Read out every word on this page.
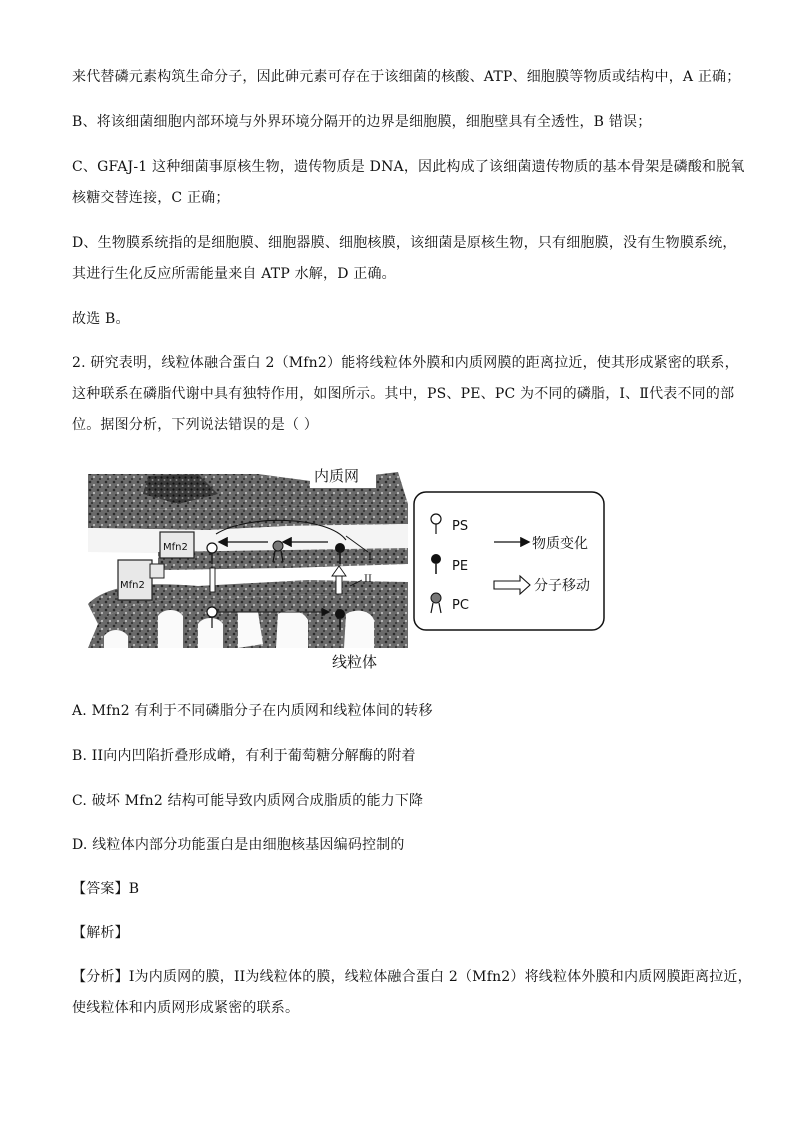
来代替磷元素构筑生命分子，因此砷元素可存在于该细菌的核酸、ATP、细胞膜等物质或结构中，A 正确；
B、将该细菌细胞内部环境与外界环境分隔开的边界是细胞膜，细胞壁具有全透性，B 错误；
C、GFAJ-1 这种细菌事原核生物，遗传物质是 DNA，因此构成了该细菌遗传物质的基本骨架是磷酸和脱氧
核糖交替连接，C 正确；
D、生物膜系统指的是细胞膜、细胞器膜、细胞核膜，该细菌是原核生物，只有细胞膜，没有生物膜系统，
其进行生化反应所需能量来自 ATP 水解，D 正确。
故选 B。
2. 研究表明，线粒体融合蛋白 2（Mfn2）能将线粒体外膜和内质网膜的距离拉近，使其形成紧密的联系，
这种联系在磷脂代谢中具有独特作用，如图所示。其中，PS、PE、PC 为不同的磷脂，Ⅰ、Ⅱ代表不同的部
位。据图分析，下列说法错误的是（ ）
Mfn2
Mfn2
I
II
内质网
线粒体
PS
PE
PC
物质变化
分子移动
A. Mfn2 有利于不同磷脂分子在内质网和线粒体间的转移
B. II向内凹陷折叠形成嵴，有利于葡萄糖分解酶的附着
C. 破坏 Mfn2 结构可能导致内质网合成脂质的能力下降
D. 线粒体内部分功能蛋白是由细胞核基因编码控制的
【答案】B
【解析】
【分析】I为内质网的膜，II为线粒体的膜，线粒体融合蛋白 2（Mfn2）将线粒体外膜和内质网膜距离拉近，
使线粒体和内质网形成紧密的联系。
